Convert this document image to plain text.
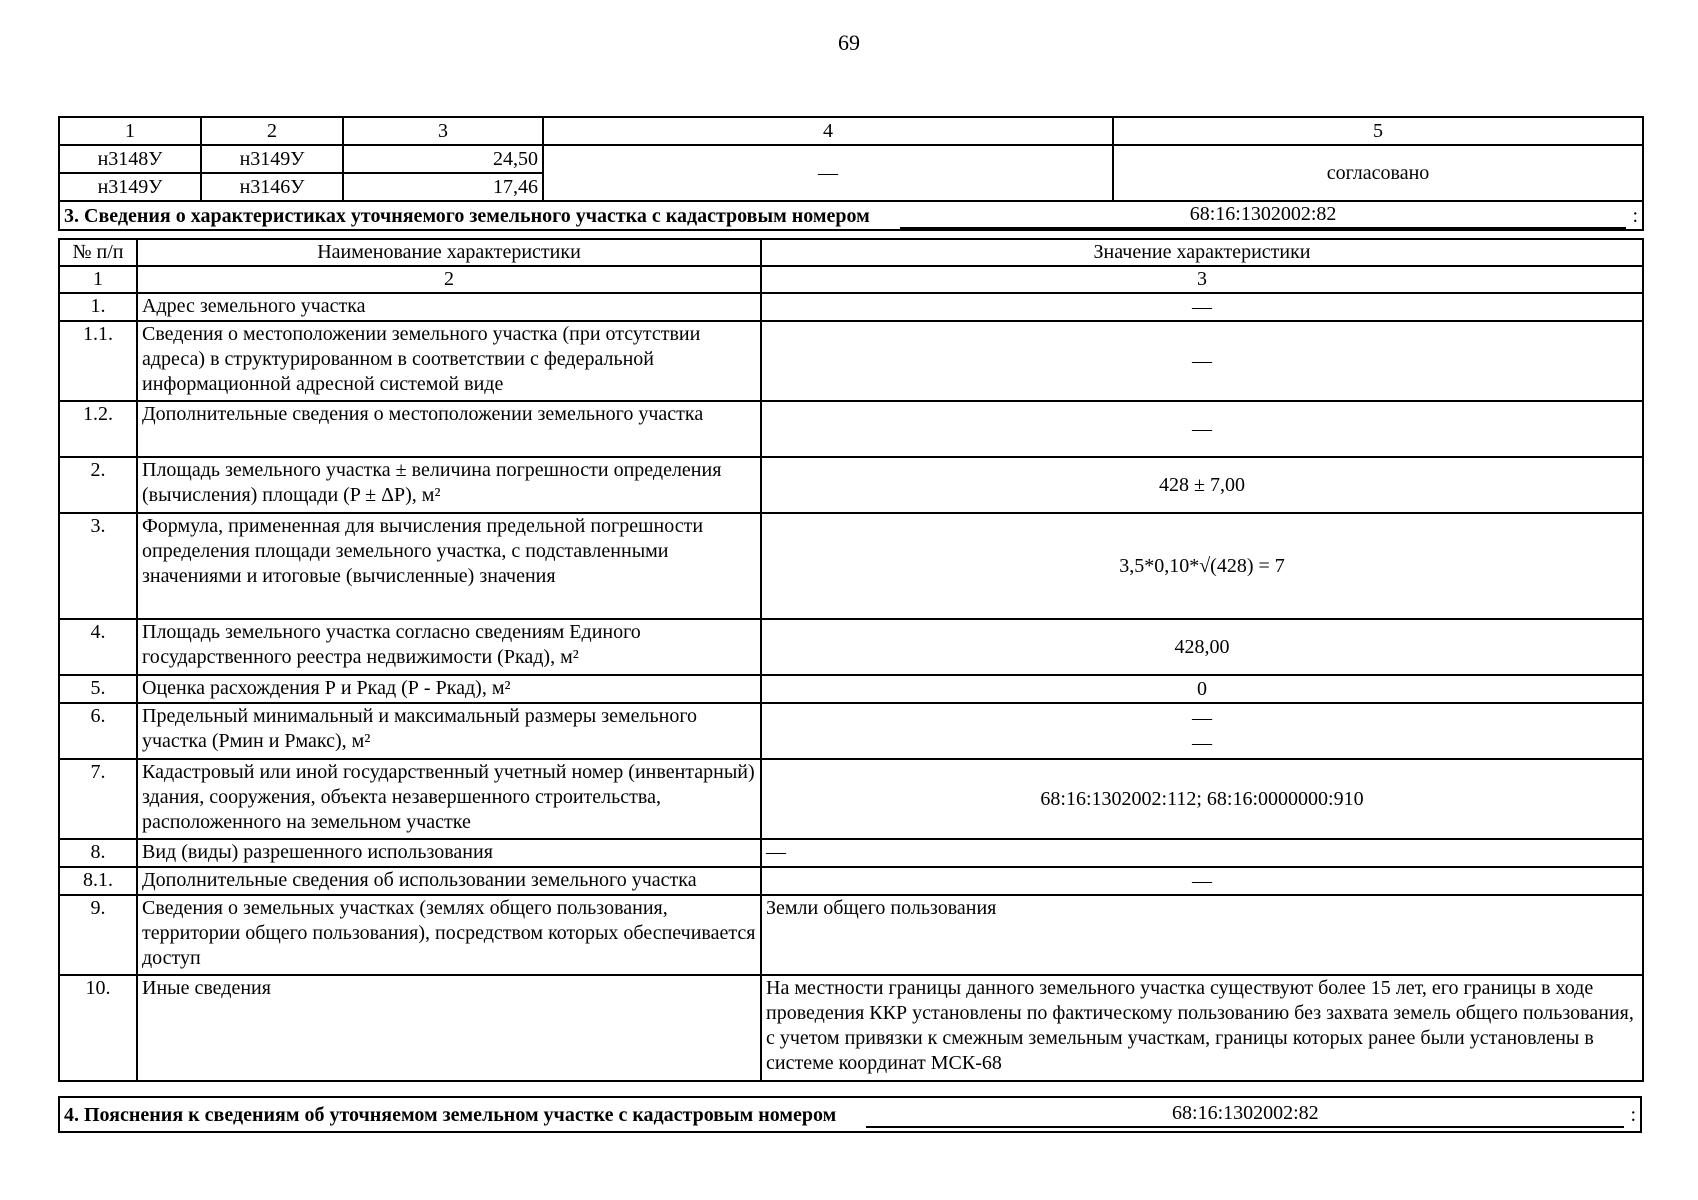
69
1	2	3	4	5
н3148У	н3149У	24,50	—	согласовано
н3149У	н3146У	17,46		

3. Сведения о характеристиках уточняемого земельного участка с кадастровым номером 68:16:1302002:82 :				
№ п/п	Наименование характеристики	Значение характеристики
1	2	3
1.	Адрес земельного участка	—
1.1.	Сведения о местоположении земельного участка (при отсутствии адреса) в структурированном в соответствии с федеральной информационной адресной системой виде	—
1.2.	Дополнительные сведения о местоположении земельного участка	—
2.	Площадь земельного участка ± величина погрешности определения (вычисления) площади (P ± ΔP), м²	428 ± 7,00
3.	Формула, примененная для вычисления предельной погрешности определения площади земельного участка, с подставленными значениями и итоговые (вычисленные) значения	3,5*0,10*√(428) = 7
4.	Площадь земельного участка согласно сведениям Единого государственного реестра недвижимости (Ркад), м²	428,00
5.	Оценка расхождения Р и Ркад (Р - Ркад), м²	0
6.	Предельный минимальный и максимальный размеры земельного участка (Рмин и Рмакс), м²	—
—

7.	Кадастровый или иной государственный учетный номер (инвентарный) здания, сооружения, объекта незавершенного строительства, расположенного на земельном участке	68:16:1302002:112; 68:16:0000000:910
8.	Вид (виды) разрешенного использования	—
8.1.	Дополнительные сведения об использовании земельного участка	—
9.	Сведения о земельных участках (землях общего пользования, территории общего пользования), посредством которых обеспечивается доступ	Земли общего пользования
10.	Иные сведения	На местности границы данного земельного участка существуют более 15 лет, его границы в ходе проведения ККР установлены по фактическому пользованию без захвата земель общего пользования, с учетом привязки к смежным земельным участкам, границы которых ранее были установлены в системе координат МСК-68
4. Пояснения к сведениям об уточняемом земельном участке с кадастровым номером	68:16:1302002:82	:
